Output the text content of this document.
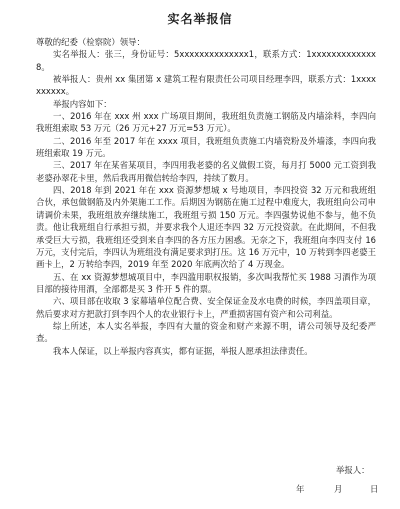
实名举报信

尊敬的纪委（检察院）领导：

实名举报人：张三，身份证号：5xxxxxxxxxxxxxx1，联系方式：1xxxxxxxxxxxxx8。

被举报人：贵州 xx 集团第 x 建筑工程有限责任公司项目经理李四，联系方式：1xxxxxxxxxx。

举报内容如下：

一、2016 年在 xxx 州 xxx 广场项目期间，我班组负责施工钢筋及内墙涂料，李四向我班组索取 53 万元（26 万元+27 万元=53 万元）。

二、2016 年至 2017 年在 xxxx 项目，我班组负责施工内墙瓷粉及外墙漆，李四向我班组索取 19 万元。

三、2017 年在某省某项目，李四用我老婆的名义做假工资，每月打 5000 元工资到我老婆孙翠花卡里，然后我再用微信转给李四，持续了数月。

四、2018 年到 2021 年在 xxx 资源梦想城 x 号地项目，李四投资 32 万元和我班组合伙，承包做钢筋及内外架施工工作。后期因为钢筋在施工过程中难度大，我班组向公司申请调价未果，我班组放弃继续施工，我班组亏损 150 万元。李四强势说他不参与，他不负责。他让我班组自行承担亏损，并要求我个人退还李四 32 万元投资款。在此期间，不但我承受巨大亏损，我班组还受到来自李四的各方压力困惑。无奈之下，我班组向李四支付 16 万元，支付完后，李四认为班组没有满足要求到打压。这 16 万元中，10 万转到李四老婆王画卡上，2 万转给李四，2019 年至 2020 年底两次给了 4 万现金。

五、在 xx 资源梦想城项目中，李四滥用职权报销，多次叫我帮忙买 1988 习酒作为项目部的接待用酒，全部都是买 3 件开 5 件的票。

六、项目部在收取 3 家幕墙单位配合费、安全保证金及水电费的时候，李四盖项目章，然后要求对方把款打到李四个人的农业银行卡上，严重损害国有资产和公司利益。

综上所述，本人实名举报，李四有大量的资金和财产来源不明，请公司领导及纪委严查。

我本人保证，以上举报内容真实，都有证据，举报人愿承担法律责任。

举报人：
年	月	日
